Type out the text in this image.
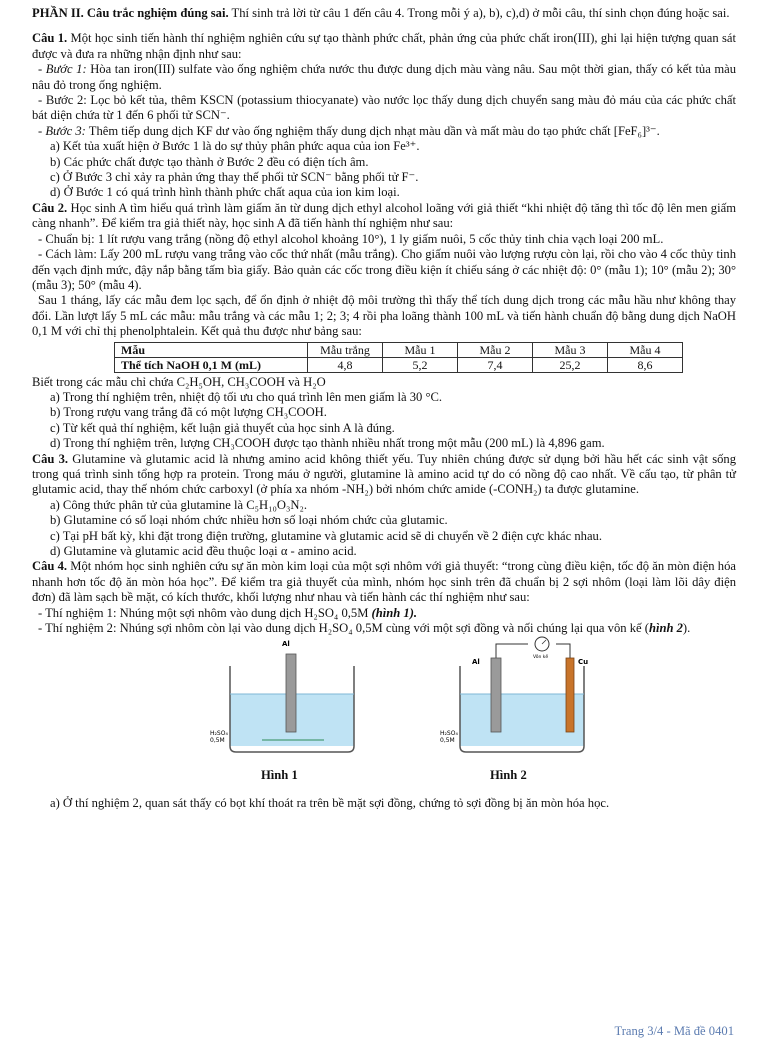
PHẦN II. Câu trắc nghiệm đúng sai. Thí sinh trả lời từ câu 1 đến câu 4. Trong mỗi ý a), b), c),d) ở mỗi câu, thí sinh chọn đúng hoặc sai.

Câu 1. Một học sinh tiến hành thí nghiệm nghiên cứu sự tạo thành phức chất, phản ứng của phức chất iron(III), ghi lại hiện tượng quan sát được và đưa ra những nhận định như sau:

- Bước 1: Hòa tan iron(III) sulfate vào ống nghiệm chứa nước thu được dung dịch màu vàng nâu. Sau một thời gian, thấy có kết tủa màu nâu đỏ trong ống nghiệm.

- Bước 2: Lọc bỏ kết tủa, thêm KSCN (potassium thiocyanate) vào nước lọc thấy dung dịch chuyển sang màu đỏ máu của các phức chất bát diện chứa từ 1 đến 6 phối tử SCN⁻.

- Bước 3: Thêm tiếp dung dịch KF dư vào ống nghiệm thấy dung dịch nhạt màu dần và mất màu do tạo phức chất [FeF₆]³⁻.

a) Kết tủa xuất hiện ở Bước 1 là do sự thủy phân phức aqua của ion Fe³⁺.

b) Các phức chất được tạo thành ở Bước 2 đều có điện tích âm.

c) Ở Bước 3 chỉ xảy ra phản ứng thay thế phối tử SCN⁻ bằng phối tử F⁻.

d) Ở Bước 1 có quá trình hình thành phức chất aqua của ion kim loại.

Câu 2. Học sinh A tìm hiểu quá trình làm giấm ăn từ dung dịch ethyl alcohol loãng với giả thiết “khi nhiệt độ tăng thì tốc độ lên men giấm càng nhanh”. Để kiểm tra giả thiết này, học sinh A đã tiến hành thí nghiệm như sau:

- Chuẩn bị: 1 lít rượu vang trắng (nồng độ ethyl alcohol khoảng 10°), 1 ly giấm nuôi, 5 cốc thủy tinh chia vạch loại 200 mL.

- Cách làm: Lấy 200 mL rượu vang trắng vào cốc thứ nhất (mẫu trắng). Cho giấm nuôi vào lượng rượu còn lại, rồi cho vào 4 cốc thủy tinh đến vạch định mức, đậy nắp bằng tấm bìa giấy. Bảo quản các cốc trong điều kiện ít chiếu sáng ở các nhiệt độ: 0° (mẫu 1); 10° (mẫu 2); 30° (mẫu 3); 50° (mẫu 4).

Sau 1 tháng, lấy các mẫu đem lọc sạch, để ổn định ở nhiệt độ môi trường thì thấy thể tích dung dịch trong các mẫu hầu như không thay đổi. Lần lượt lấy 5 mL các mẫu: mẫu trắng và các mẫu 1; 2; 3; 4 rồi pha loãng thành 100 mL và tiến hành chuẩn độ bằng dung dịch NaOH 0,1 M với chỉ thị phenolphtalein. Kết quả thu được như bảng sau:

Mẫu	Mẫu trắng	Mẫu 1	Mẫu 2	Mẫu 3	Mẫu 4
Thể tích NaOH 0,1 M (mL)	4,8	5,2	7,4	25,2	8,6

Biết trong các mẫu chỉ chứa C₂H₅OH, CH₃COOH và H₂O

a) Trong thí nghiệm trên, nhiệt độ tối ưu cho quá trình lên men giấm là 30 °C.

b) Trong rượu vang trắng đã có một lượng CH₃COOH.

c) Từ kết quả thí nghiệm, kết luận giả thuyết của học sinh A là đúng.

d) Trong thí nghiệm trên, lượng CH₃COOH được tạo thành nhiều nhất trong một mẫu (200 mL) là 4,896 gam.

Câu 3. Glutamine và glutamic acid là nhưng amino acid không thiết yếu. Tuy nhiên chúng được sử dụng bởi hầu hết các sinh vật sống trong quá trình sinh tổng hợp ra protein. Trong máu ở người, glutamine là amino acid tự do có nồng độ cao nhất. Về cấu tạo, từ phân tử glutamic acid, thay thế nhóm chức carboxyl (ở phía xa nhóm -NH₂) bởi nhóm chức amide (-CONH₂) ta được glutamine.

a) Công thức phân tử của glutamine là C₅H₁₀O₃N₂.

b) Glutamine có số loại nhóm chức nhiều hơn số loại nhóm chức của glutamic.

c) Tại pH bất kỳ, khi đặt trong điện trường, glutamine và glutamic acid sẽ di chuyển về 2 điện cực khác nhau.

d) Glutamine và glutamic acid đều thuộc loại α - amino acid.

Câu 4. Một nhóm học sinh nghiên cứu sự ăn mòn kim loại của một sợi nhôm với giả thuyết: “trong cùng điều kiện, tốc độ ăn mòn điện hóa nhanh hơn tốc độ ăn mòn hóa học”. Để kiểm tra giả thuyết của mình, nhóm học sinh trên đã chuẩn bị 2 sợi nhôm (loại làm lõi dây điện đơn) đã làm sạch bề mặt, có kích thước, khối lượng như nhau và tiến hành các thí nghiệm như sau:

- Thí nghiệm 1: Nhúng một sợi nhôm vào dung dịch H₂SO₄ 0,5M (hình 1).

- Thí nghiệm 2: Nhúng sợi nhôm còn lại vào dung dịch H₂SO₄ 0,5M cùng với một sợi đồng và nối chúng lại qua vôn kế (hình 2).

Al
H₂SO₄
0,5M
Hình 1
Al	Cu
Vôn kế
H₂SO₄
0,5M
Hình 2

a) Ở thí nghiệm 2, quan sát thấy có bọt khí thoát ra trên bề mặt sợi đồng, chứng tỏ sợi đồng bị ăn mòn hóa học.

Trang 3/4 - Mã đề 0401
